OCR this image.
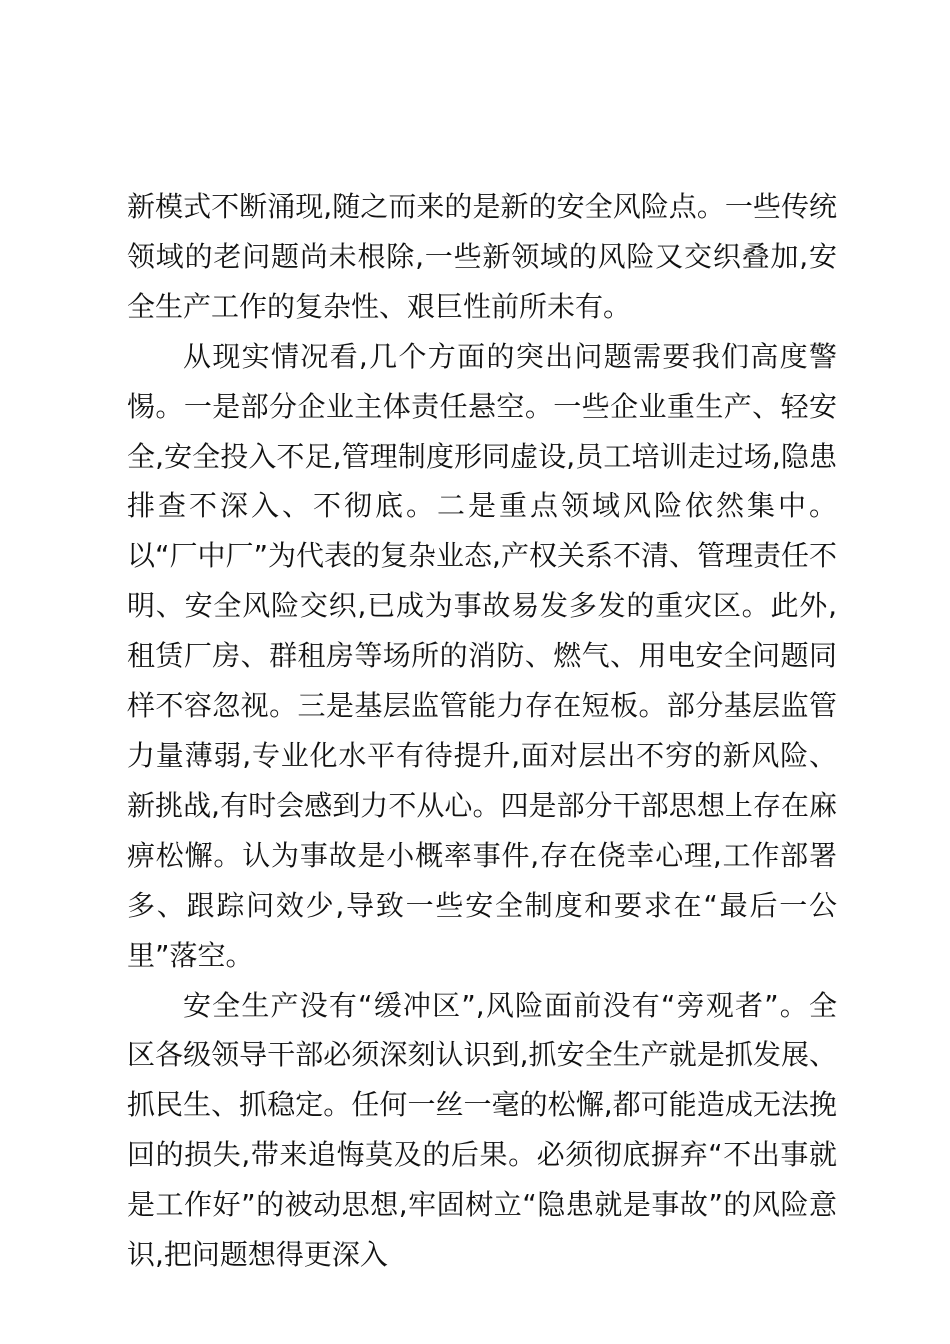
新模式不断涌现,随之而来的是新的安全风险点。一些传统领域的老问题尚未根除,一些新领域的风险又交织叠加,安全生产工作的复杂性、艰巨性前所未有。

从现实情况看,几个方面的突出问题需要我们高度警惕。一是部分企业主体责任悬空。一些企业重生产、轻安全,安全投入不足,管理制度形同虚设,员工培训走过场,隐患排查不深入、不彻底。二是重点领域风险依然集中。以“厂中厂”为代表的复杂业态,产权关系不清、管理责任不明、安全风险交织,已成为事故易发多发的重灾区。此外,租赁厂房、群租房等场所的消防、燃气、用电安全问题同样不容忽视。三是基层监管能力存在短板。部分基层监管力量薄弱,专业化水平有待提升,面对层出不穷的新风险、新挑战,有时会感到力不从心。四是部分干部思想上存在麻痹松懈。认为事故是小概率事件,存在侥幸心理,工作部署多、跟踪问效少,导致一些安全制度和要求在“最后一公里”落空。

安全生产没有“缓冲区”,风险面前没有“旁观者”。全区各级领导干部必须深刻认识到,抓安全生产就是抓发展、抓民生、抓稳定。任何一丝一毫的松懈,都可能造成无法挽回的损失,带来追悔莫及的后果。必须彻底摒弃“不出事就是工作好”的被动思想,牢固树立“隐患就是事故”的风险意识,把问题想得更深入
